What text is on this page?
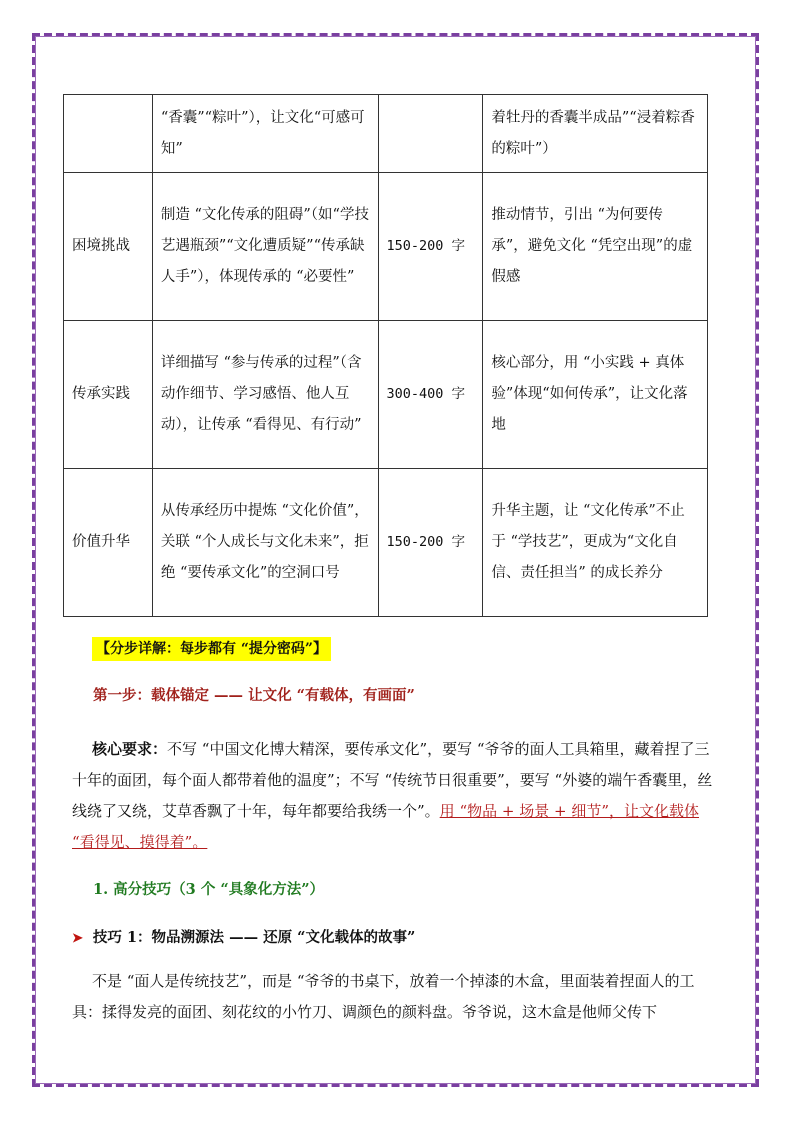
	“香囊”“粽叶”），让文化“可感可知”		着牡丹的香囊半成品”“浸着粽香的粽叶”）
困境挑战	制造 “文化传承的阻碍”（如“学技艺遇瓶颈”“文化遭质疑”“传承缺人手”），体现传承的 “必要性”	150-200 字	推动情节，引出 “为何要传承”，避免文化 “凭空出现”的虚假感
传承实践	详细描写 “参与传承的过程”（含动作细节、学习感悟、他人互动），让传承 “看得见、有行动”	300-400 字	核心部分，用 “小实践 + 真体验”体现“如何传承”，让文化落地
价值升华	从传承经历中提炼 “文化价值”，关联 “个人成长与文化未来”，拒绝 “要传承文化”的空洞口号	150-200 字	升华主题，让 “文化传承”不止于 “学技艺”，更成为“文化自信、责任担当” 的成长养分
【分步详解：每步都有 “提分密码”】
第一步：载体锚定 —— 让文化 “有载体，有画面”
核心要求：不写 “中国文化博大精深，要传承文化”，要写 “爷爷的面人工具箱里，藏着捏了三十年的面团，每个面人都带着他的温度”；不写 “传统节日很重要”，要写 “外婆的端午香囊里，丝线绕了又绕，艾草香飘了十年，每年都要给我绣一个”。用 “物品 + 场景 + 细节”，让文化载体 “看得见、摸得着”。
1. 高分技巧（3 个 “具象化方法”）
➤ 技巧 1：物品溯源法 —— 还原 “文化载体的故事”
不是 “面人是传统技艺”，而是 “爷爷的书桌下，放着一个掉漆的木盒，里面装着捏面人的工具：揉得发亮的面团、刻花纹的小竹刀、调颜色的颜料盘。爷爷说，这木盒是他师父传下
